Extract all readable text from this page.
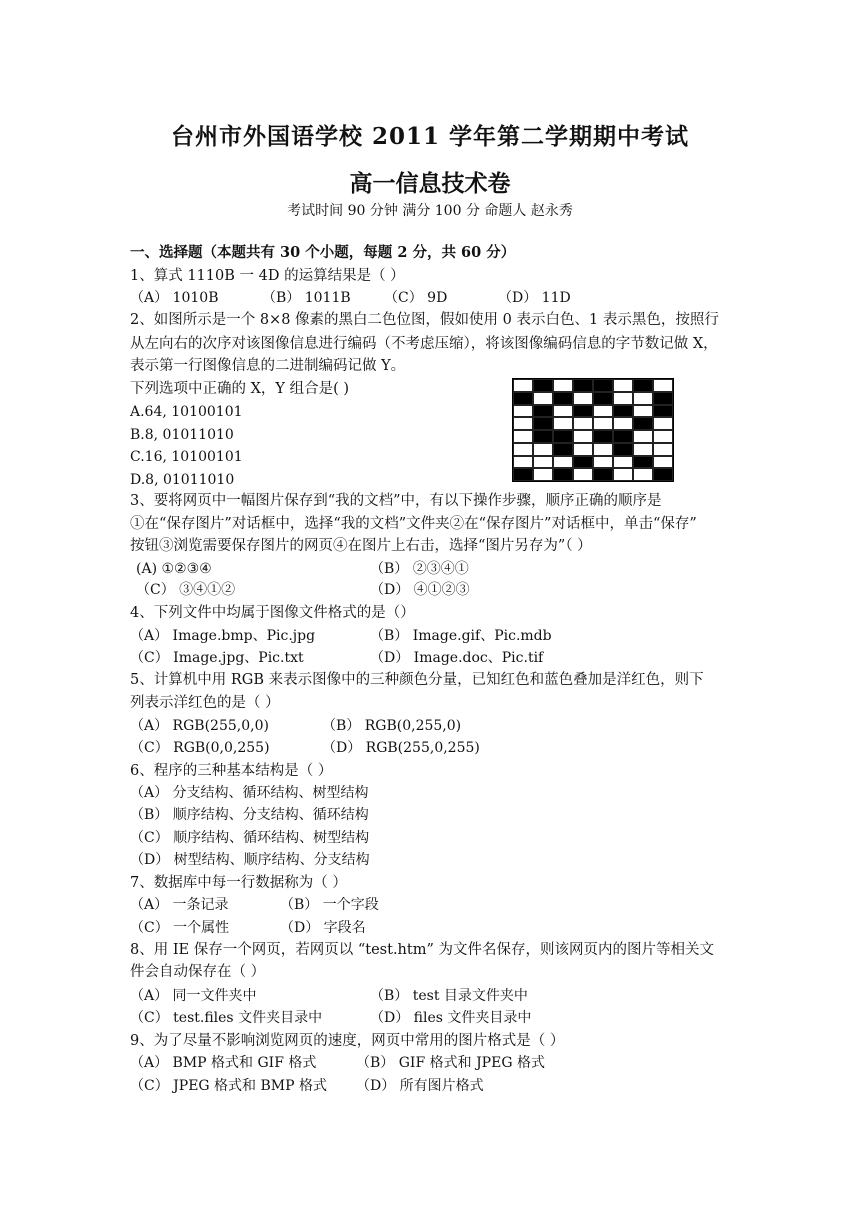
台州市外国语学校 2011 学年第二学期期中考试
高一信息技术卷
考试时间 90 分钟 满分 100 分 命题人 赵永秀
一、选择题（本题共有 30 个小题，每题 2 分，共 60 分）
1、算式 1110B 一 4D 的运算结果是（ ）
（A） 1010B	（B） 1011B （C） 9D	（D） 11D
2、如图所示是一个 8×8 像素的黑白二色位图，假如使用 0 表示白色、1 表示黑色，按照行
从左向右的次序对该图像信息进行编码（不考虑压缩），将该图像编码信息的字节数记做 X，
表示第一行图像信息的二进制编码记做 Y。
下列选项中正确的 X，Y 组合是( )
A.64, 10100101
B.8, 01011010
C.16, 10100101
D.8, 01011010
3、要将网页中一幅图片保存到“我的文档”中，有以下操作步骤，顺序正确的顺序是
①在“保存图片”对话框中，选择“我的文档”文件夹②在“保存图片”对话框中，单击“保存”
按钮③浏览需要保存图片的网页④在图片上右击，选择“图片另存为”（ ）
(A) ①②③④	（B） ②③④①
（C） ③④①②	（D） ④①②③
4、下列文件中均属于图像文件格式的是（）
（A） Image.bmp、Pic.jpg	（B） Image.gif、Pic.mdb
（C） Image.jpg、Pic.txt	（D） Image.doc、Pic.tif
5、计算机中用 RGB 来表示图像中的三种颜色分量，已知红色和蓝色叠加是洋红色，则下
列表示洋红色的是（ ）
（A） RGB(255,0,0)	（B） RGB(0,255,0)
（C） RGB(0,0,255)	（D） RGB(255,0,255)
6、程序的三种基本结构是（ ）
（A） 分支结构、循环结构、树型结构
（B） 顺序结构、分支结构、循环结构
（C） 顺序结构、循环结构、树型结构
（D） 树型结构、顺序结构、分支结构
7、数据库中每一行数据称为（ ）
（A） 一条记录	（B） 一个字段
（C） 一个属性	（D） 字段名
8、用 IE 保存一个网页，若网页以 “test.htm” 为文件名保存，则该网页内的图片等相关文
件会自动保存在（ ）
（A） 同一文件夹中	（B） test 目录文件夹中
（C） test.files 文件夹目录中	（D） files 文件夹目录中
9、为了尽量不影响浏览网页的速度，网页中常用的图片格式是（ ）
（A） BMP 格式和 GIF 格式	（B） GIF 格式和 JPEG 格式
（C） JPEG 格式和 BMP 格式 （D） 所有图片格式
